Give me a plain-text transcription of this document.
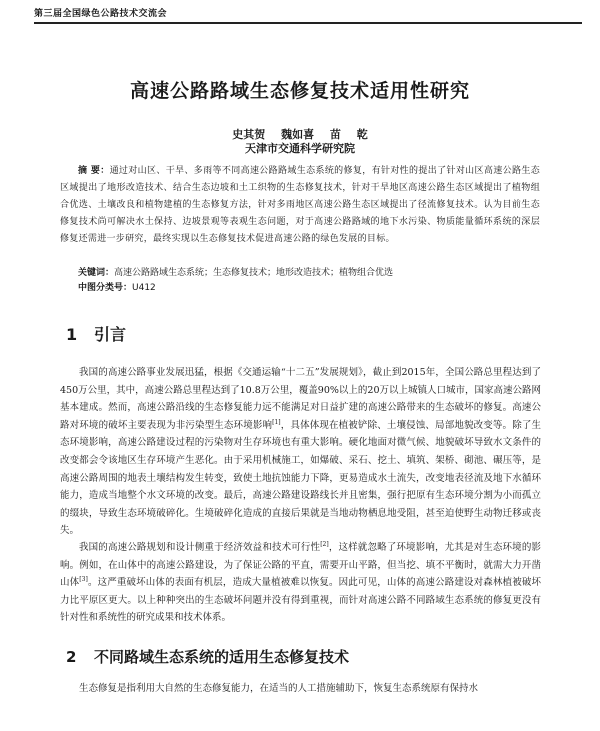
第三届全国绿色公路技术交流会
高速公路路域生态修复技术适用性研究
史其贺 魏如喜 苗 乾
天津市交通科学研究院
摘 要：通过对山区、干旱、多雨等不同高速公路路域生态系统的修复，有针对性的提出了针对山区高速公路生态区域提出了地形改造技术、结合生态边坡和土工织物的生态修复技术，针对干旱地区高速公路生态区域提出了植物组合优选、土壤改良和植物建植的生态修复方法，针对多雨地区高速公路生态区域提出了径流修复技术。认为目前生态修复技术尚可解决水土保持、边坡景观等表观生态问题，对于高速公路路域的地下水污染、物质能量循环系统的深层修复还需进一步研究，最终实现以生态修复技术促进高速公路的绿色发展的目标。
关键词：高速公路路域生态系统；生态修复技术；地形改造技术；植物组合优选
中图分类号：U412
1 引言
我国的高速公路事业发展迅猛，根据《交通运输“十二五”发展规划》，截止到2015年，全国公路总里程达到了450万公里，其中，高速公路总里程达到了10.8万公里，覆盖90%以上的20万以上城镇人口城市，国家高速公路网基本建成。然而，高速公路沿线的生态修复能力远不能满足对日益扩建的高速公路带来的生态破坏的修复。高速公路对环境的破坏主要表现为非污染型生态环境影响[1]，具体体现在植被铲除、土壤侵蚀、局部地貌改变等。除了生态环境影响，高速公路建设过程的污染物对生存环境也有重大影响。硬化地面对微气候、地貌破坏导致水文条件的改变都会令该地区生存环境产生恶化。由于采用机械施工，如爆破、采石、挖土、填筑、架桥、砌池、碾压等，是高速公路周围的地表土壤结构发生转变，致使土地抗蚀能力下降，更易造成水土流失，改变地表径流及地下水循环能力，造成当地整个水文环境的改变。最后，高速公路建设路线长并且密集，强行把原有生态环境分割为小而孤立的缀块，导致生态环境破碎化。生境破碎化造成的直接后果就是当地动物栖息地受阻，甚至迫使野生动物迁移或丧失。
我国的高速公路规划和设计侧重于经济效益和技术可行性[2]，这样就忽略了环境影响，尤其是对生态环境的影响。例如，在山体中的高速公路建设，为了保证公路的平直，需要开山平路，但当挖、填不平衡时，就需大力开凿山体[3]。这严重破坏山体的表面有机层，造成大量植被难以恢复。因此可见，山体的高速公路建设对森林植被破坏力比平原区更大。以上种种突出的生态破坏问题并没有得到重视，而针对高速公路不同路域生态系统的修复更没有针对性和系统性的研究成果和技术体系。
2 不同路域生态系统的适用生态修复技术
生态修复是指利用大自然的生态修复能力，在适当的人工措施辅助下，恢复生态系统原有保持水
